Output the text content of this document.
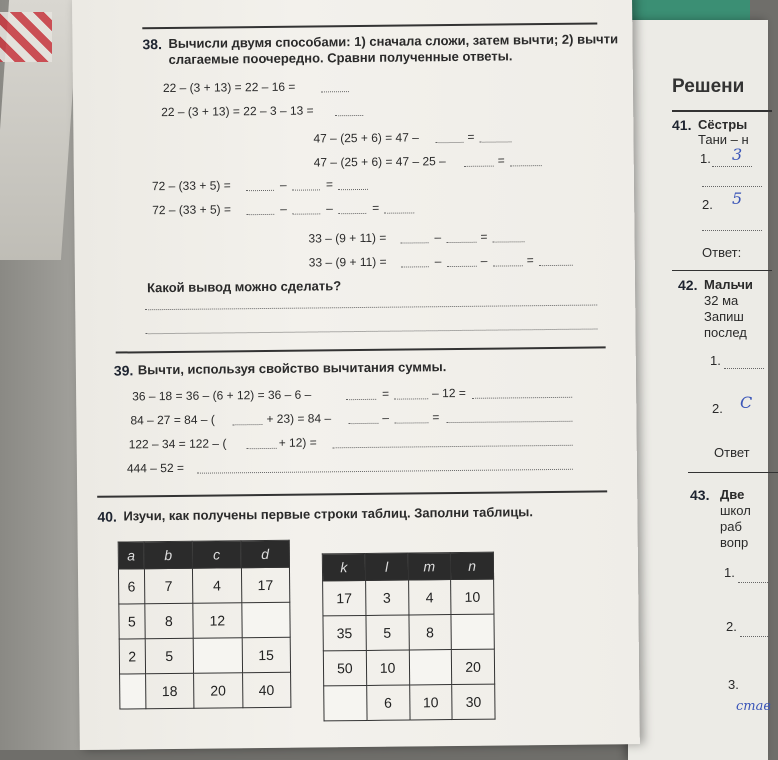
Решени
41. Сёстры
Тани – н
1. 3
2. 5
Ответ:
42. Мальчи
32 ма
Запиш
послед
1.
2. С
Ответ
43. Две
школ
раб
вопр
1.
2.
3.
став
38. Вычисли двумя способами: 1) сначала сложи, затем вычти; 2) вычти
слагаемые поочередно. Сравни полученные ответы.
22 – (3 + 13) = 22 – 16 =
22 – (3 + 13) = 22 – 3 – 13 =
47 – (25 + 6) = 47 –	=
47 – (25 + 6) = 47 – 25 –	=
72 – (33 + 5) =	–	=
72 – (33 + 5) =	–	–	=
33 – (9 + 11) =	–	=
33 – (9 + 11) =	–	–	=
Какой вывод можно сделать?
39. Вычти, используя свойство вычитания суммы.
36 – 18 = 36 – (6 + 12) = 36 – 6 –	=	– 12 =
84 – 27 = 84 – (	+ 23) = 84 –	–	=
122 – 34 = 122 – (	+ 12) =
444 – 52 =
40. Изучи, как получены первые строки таблиц. Заполни таблицы.
a	b	c	d
6	7	4	17
5	8	12	
2	5		15
	18	20	40
k	l	m	n
17	3	4	10
35	5	8	
50	10		20
	6	10	30
